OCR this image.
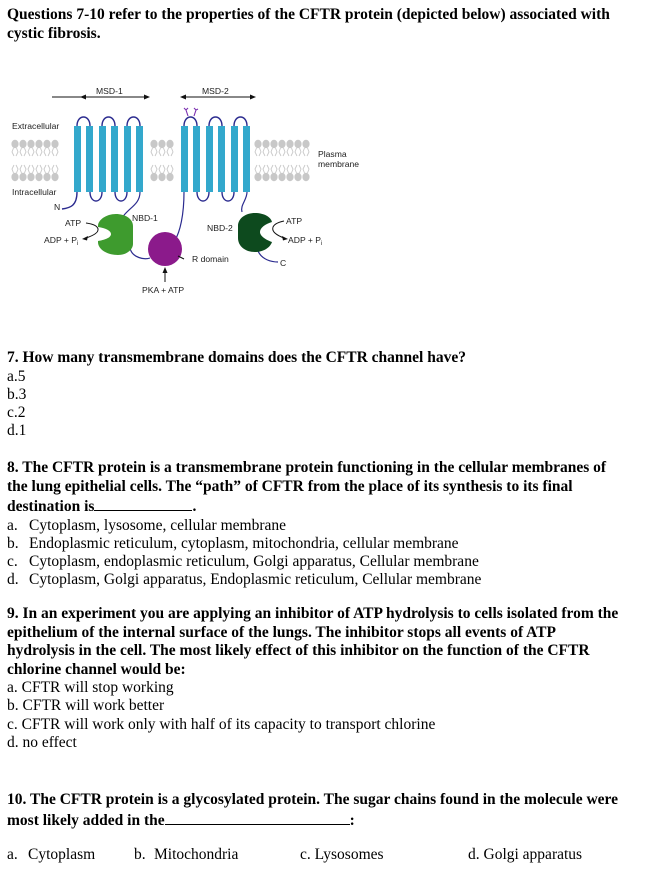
Questions 7-10 refer to the properties of the CFTR protein (depicted below) associated with cystic fibrosis.
MSD-1	MSD-2
Extracellular
Intracellular
Plasma
membrane
N
C
NBD-1
NBD-2
ATP
ADP + $P_i$
ATP
ADP + $P_i$
R domain
PKA + ATP
7. How many transmembrane domains does the CFTR channel have?
a.5
b.3
c.2
d.1
8. The CFTR protein is a transmembrane protein functioning in the cellular membranes of
the lung epithelial cells. The “path” of CFTR from the place of its synthesis to its final
destination is	.
a. Cytoplasm, lysosome, cellular membrane
b. Endoplasmic reticulum, cytoplasm, mitochondria, cellular membrane
c. Cytoplasm, endoplasmic reticulum, Golgi apparatus, Cellular membrane
d. Cytoplasm, Golgi apparatus, Endoplasmic reticulum, Cellular membrane
9. In an experiment you are applying an inhibitor of ATP hydrolysis to cells isolated from the
epithelium of the internal surface of the lungs. The inhibitor stops all events of ATP
hydrolysis in the cell. The most likely effect of this inhibitor on the function of the CFTR
chlorine channel would be:
a. CFTR will stop working
b. CFTR will work better
c. CFTR will work only with half of its capacity to transport chlorine
d. no effect
10. The CFTR protein is a glycosylated protein. The sugar chains found in the molecule were
most likely added in the	:
a. Cytoplasm	b. Mitochondria	c. Lysosomes	d. Golgi apparatus
